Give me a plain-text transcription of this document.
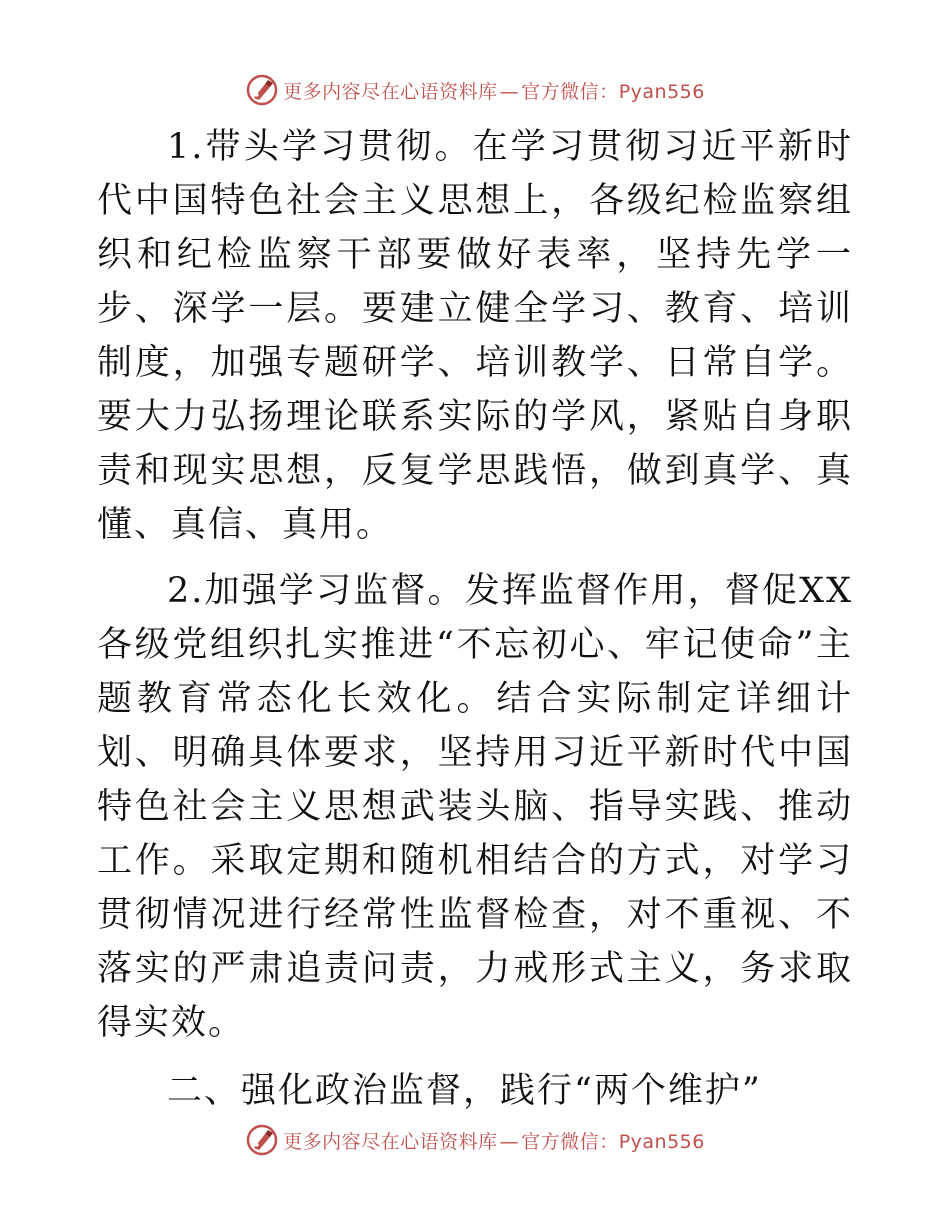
更多内容尽在心语资料库 — 官方微信：Pyan556

1.带头学习贯彻。在学习贯彻习近平新时代中国特色社会主义思想上，各级纪检监察组织和纪检监察干部要做好表率，坚持先学一步、深学一层。要建立健全学习、教育、培训制度，加强专题研学、培训教学、日常自学。要大力弘扬理论联系实际的学风，紧贴自身职责和现实思想，反复学思践悟，做到真学、真懂、真信、真用。

2.加强学习监督。发挥监督作用，督促XX各级党组织扎实推进“不忘初心、牢记使命”主题教育常态化长效化。结合实际制定详细计划、明确具体要求，坚持用习近平新时代中国特色社会主义思想武装头脑、指导实践、推动工作。采取定期和随机相结合的方式，对学习贯彻情况进行经常性监督检查，对不重视、不落实的严肃追责问责，力戒形式主义，务求取得实效。

二、强化政治监督，践行“两个维护”

更多内容尽在心语资料库 — 官方微信：Pyan556
